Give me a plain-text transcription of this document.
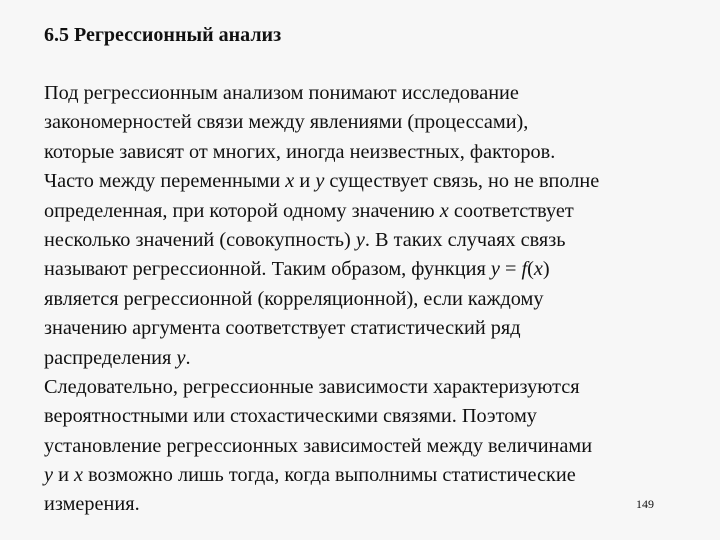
6.5 Регрессионный анализ
Под регрессионным анализом понимают исследование
закономерностей связи между явлениями (процессами),
которые зависят от многих, иногда неизвестных, факторов.
Часто между переменными x и y существует связь, но не вполне
определенная, при которой одному значению x соответствует
несколько значений (совокупность) y. В таких случаях связь
называют регрессионной. Таким образом, функция y = f(x)
является регрессионной (корреляционной), если каждому
значению аргумента соответствует статистический ряд
распределения y.
Следовательно, регрессионные зависимости характеризуются
вероятностными или стохастическими связями. Поэтому
установление регрессионных зависимостей между величинами
y и x возможно лишь тогда, когда выполнимы статистические
измерения.	149
